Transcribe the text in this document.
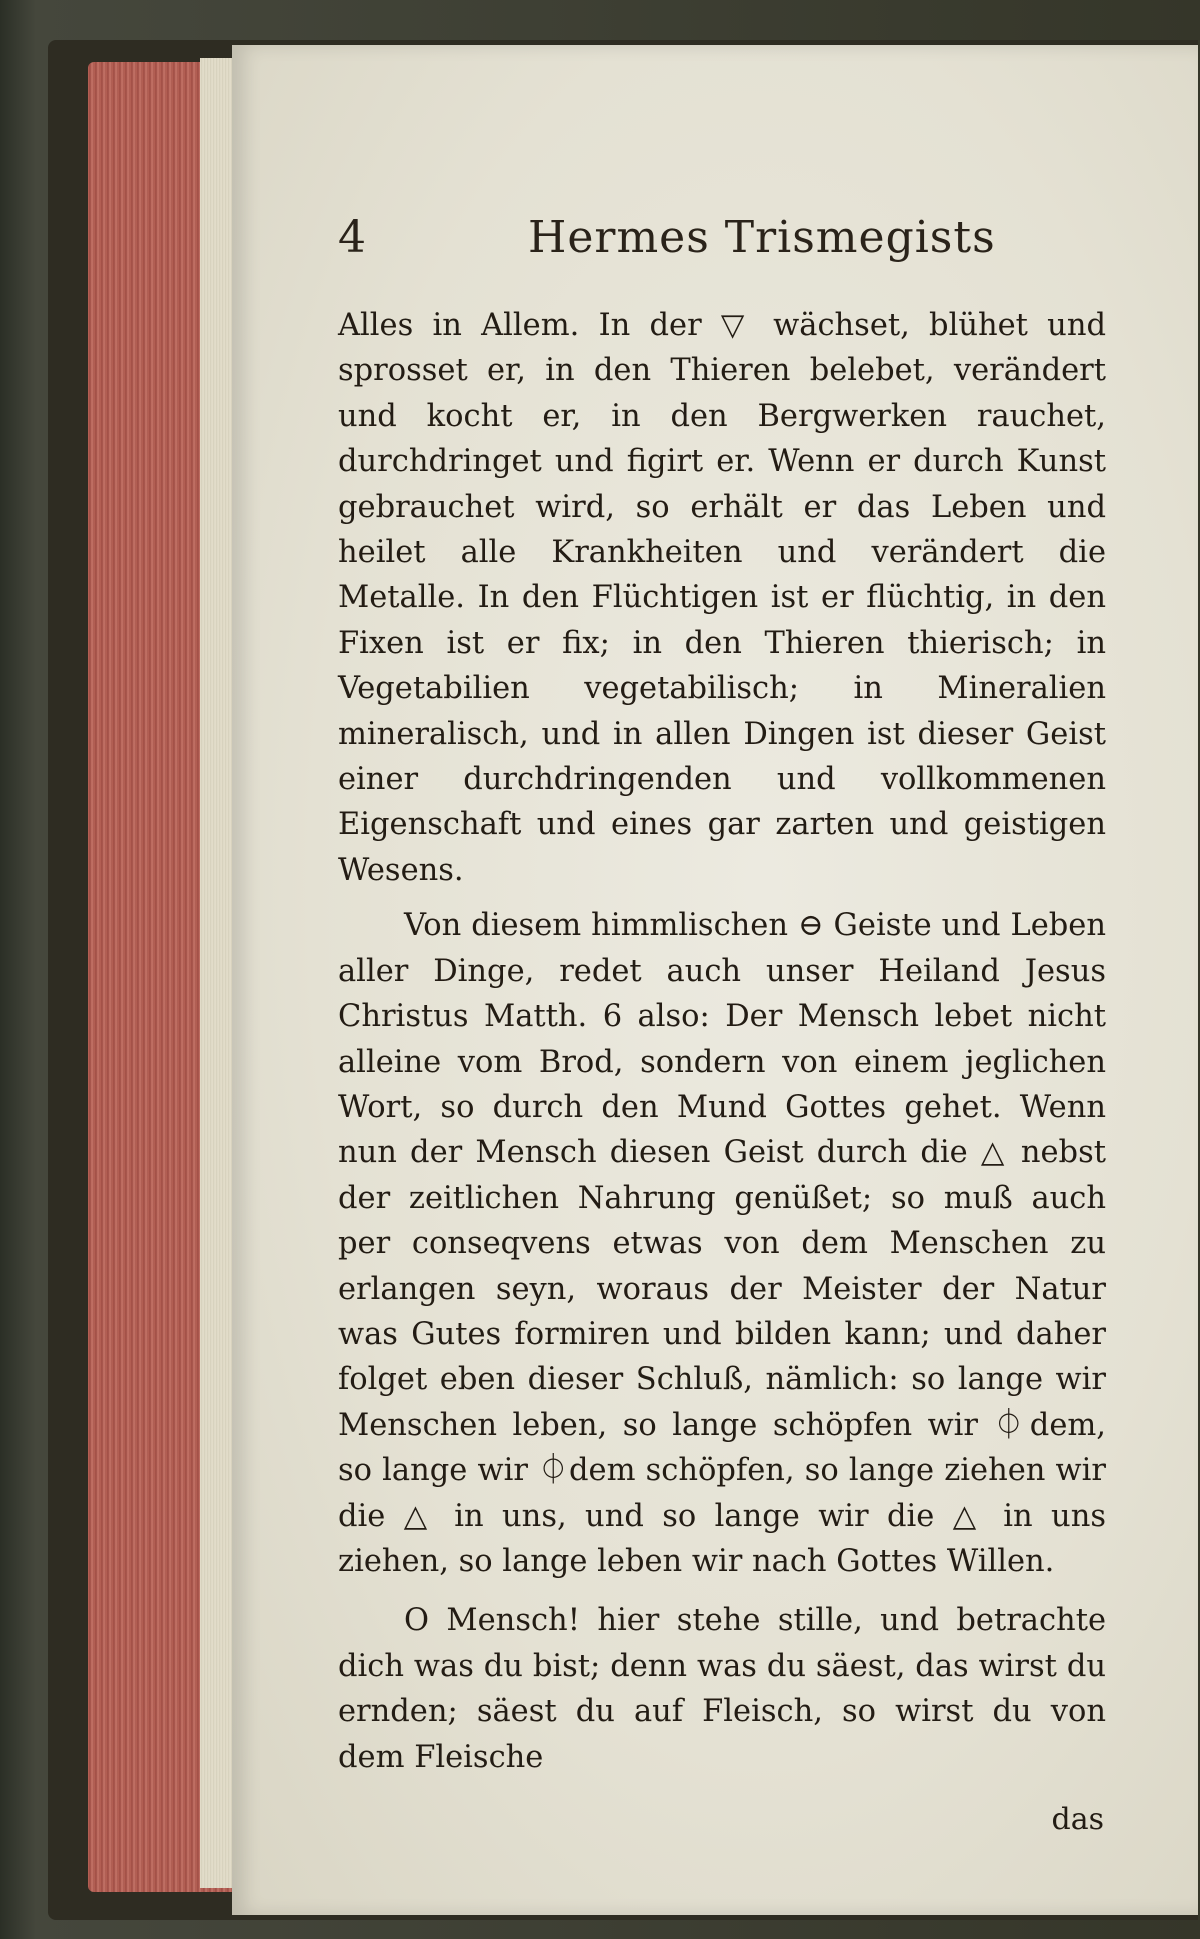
4	Hermes Trismegists

Alles in Allem. In der ▽ wächset, blühet und sprosset er, in den Thieren belebet, verändert und kocht er, in den Bergwerken rauchet, durchdringet und figirt er. Wenn er durch Kunst gebrauchet wird, so erhält er das Leben und heilet alle Krankheiten und verändert die Metalle. In den Flüchtigen ist er flüchtig, in den Fixen ist er fix; in den Thieren thierisch; in Vegetabilien vegetabilisch; in Mineralien mineralisch, und in allen Dingen ist dieser Geist einer durchdringenden und vollkommenen Eigenschaft und eines gar zarten und geistigen Wesens.

Von diesem himmlischen ⊖ Geiste und Leben aller Dinge, redet auch unser Heiland Jesus Christus Matth. 6 also: Der Mensch lebet nicht alleine vom Brod, sondern von einem jeglichen Wort, so durch den Mund Gottes gehet. Wenn nun der Mensch diesen Geist durch die △ nebst der zeitlichen Nahrung genüßet; so muß auch per conseqvens etwas von dem Menschen zu erlangen seyn, woraus der Meister der Natur was Gutes formiren und bilden kann; und daher folget eben dieser Schluß, nämlich: so lange wir Menschen leben, so lange schöpfen wir ⏀dem, so lange wir ⏀dem schöpfen, so lange ziehen wir die △ in uns, und so lange wir die △ in uns ziehen, so lange leben wir nach Gottes Willen.

O Mensch! hier stehe stille, und betrachte dich was du bist; denn was du säest, das wirst du ernden; säest du auf Fleisch, so wirst du von dem Fleische

das
